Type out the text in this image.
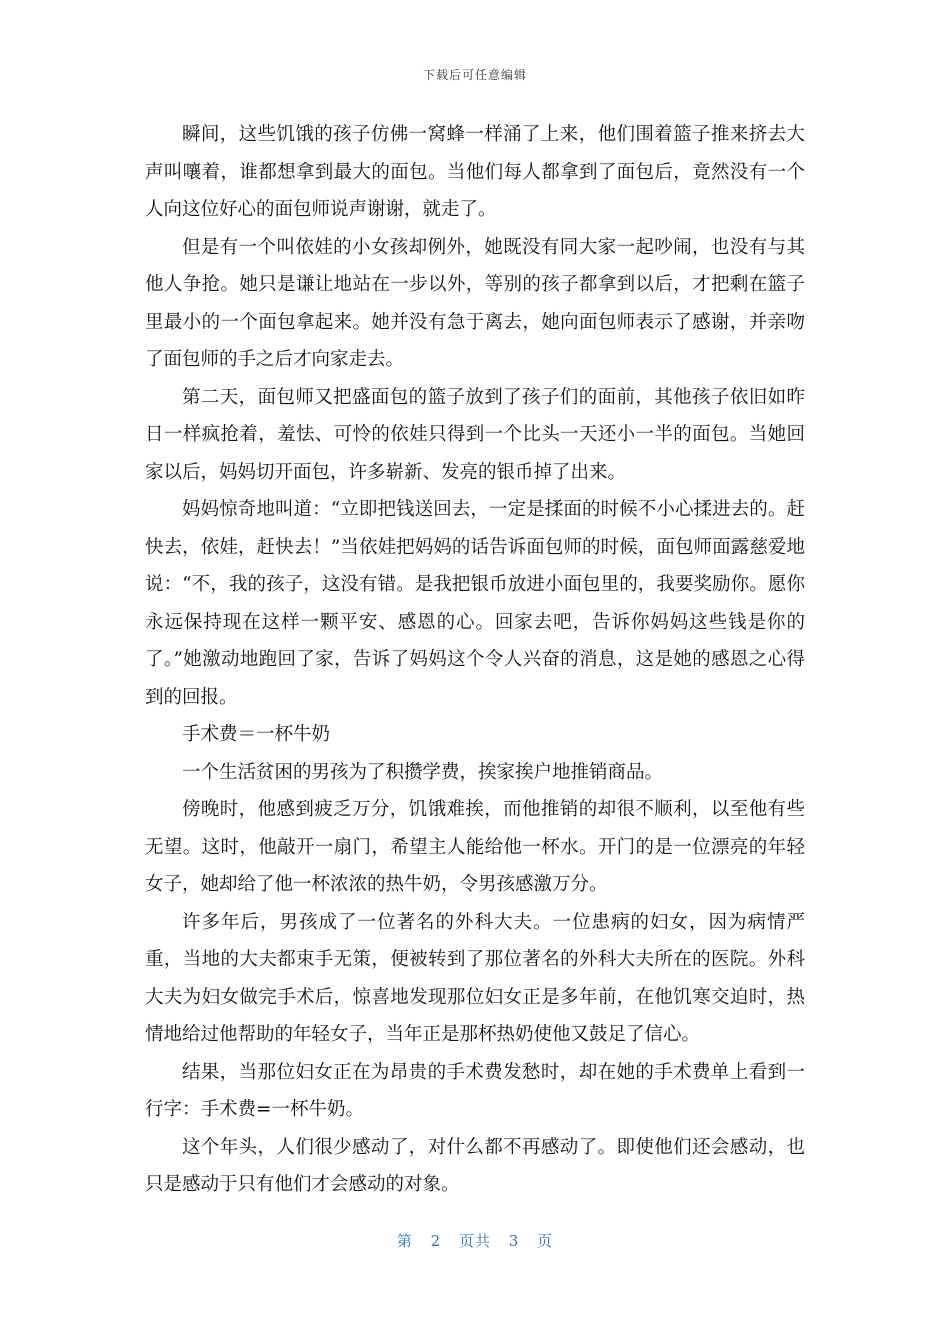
下载后可任意编辑

瞬间，这些饥饿的孩子仿佛一窝蜂一样涌了上来，他们围着篮子推来挤去大声叫嚷着，谁都想拿到最大的面包。当他们每人都拿到了面包后，竟然没有一个人向这位好心的面包师说声谢谢，就走了。

但是有一个叫依娃的小女孩却例外，她既没有同大家一起吵闹，也没有与其他人争抢。她只是谦让地站在一步以外，等别的孩子都拿到以后，才把剩在篮子里最小的一个面包拿起来。她并没有急于离去，她向面包师表示了感谢，并亲吻了面包师的手之后才向家走去。

第二天，面包师又把盛面包的篮子放到了孩子们的面前，其他孩子依旧如昨日一样疯抢着，羞怯、可怜的依娃只得到一个比头一天还小一半的面包。当她回家以后，妈妈切开面包，许多崭新、发亮的银币掉了出来。

妈妈惊奇地叫道：“立即把钱送回去，一定是揉面的时候不小心揉进去的。赶快去，依娃，赶快去！”当依娃把妈妈的话告诉面包师的时候，面包师面露慈爱地说：“不，我的孩子，这没有错。是我把银币放进小面包里的，我要奖励你。愿你永远保持现在这样一颗平安、感恩的心。回家去吧，告诉你妈妈这些钱是你的了。”她激动地跑回了家，告诉了妈妈这个令人兴奋的消息，这是她的感恩之心得到的回报。

手术费＝一杯牛奶

一个生活贫困的男孩为了积攒学费，挨家挨户地推销商品。

傍晚时，他感到疲乏万分，饥饿难挨，而他推销的却很不顺利，以至他有些无望。这时，他敲开一扇门，希望主人能给他一杯水。开门的是一位漂亮的年轻女子，她却给了他一杯浓浓的热牛奶，令男孩感激万分。

许多年后，男孩成了一位著名的外科大夫。一位患病的妇女，因为病情严重，当地的大夫都束手无策，便被转到了那位著名的外科大夫所在的医院。外科大夫为妇女做完手术后，惊喜地发现那位妇女正是多年前，在他饥寒交迫时，热情地给过他帮助的年轻女子，当年正是那杯热奶使他又鼓足了信心。

结果，当那位妇女正在为昂贵的手术费发愁时，却在她的手术费单上看到一行字：手术费=一杯牛奶。

这个年头，人们很少感动了，对什么都不再感动了。即使他们还会感动，也只是感动于只有他们才会感动的对象。

第 2 页共 3 页
